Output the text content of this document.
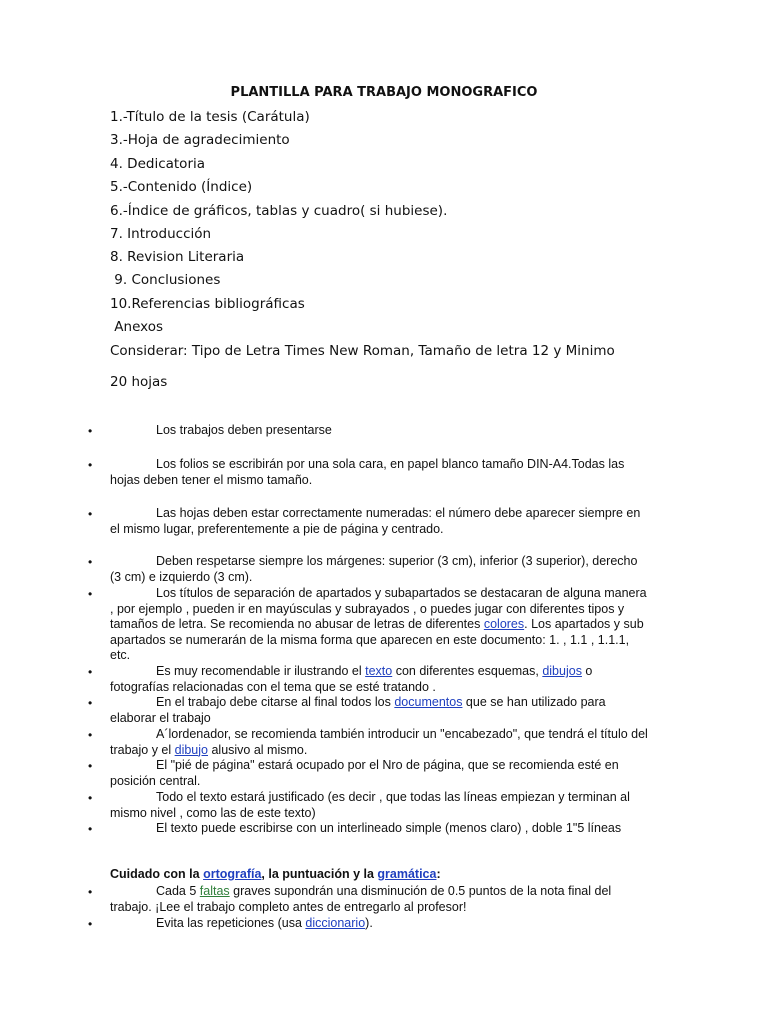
PLANTILLA PARA TRABAJO MONOGRAFICO
1.-Título de la tesis (Carátula)
3.-Hoja de agradecimiento
4. Dedicatoria
5.-Contenido (Índice)
6.-Índice de gráficos, tablas y cuadro( si hubiese).
7. Introducción
8. Revision Literaria
9. Conclusiones
10.Referencias bibliográficas
Anexos
Considerar: Tipo de Letra Times New Roman, Tamaño de letra 12 y Minimo
20 hojas
•	Los trabajos deben presentarse
•	Los folios se escribirán por una sola cara, en papel blanco tamaño DIN-A4.Todas las hojas deben tener el mismo tamaño.
•	Las hojas deben estar correctamente numeradas: el número debe aparecer siempre en el mismo lugar, preferentemente a pie de página y centrado.
•	Deben respetarse siempre los márgenes: superior (3 cm), inferior (3 superior), derecho (3 cm) e izquierdo (3 cm).
•	Los títulos de separación de apartados y subapartados se destacaran de alguna manera , por ejemplo , pueden ir en mayúsculas y subrayados , o puedes jugar con diferentes tipos y tamaños de letra. Se recomienda no abusar de letras de diferentes colores. Los apartados y sub apartados se numerarán de la misma forma que aparecen en este documento: 1. , 1.1 , 1.1.1, etc.
•	Es muy recomendable ir ilustrando el texto con diferentes esquemas, dibujos o fotografías relacionadas con el tema que se esté tratando .
•	En el trabajo debe citarse al final todos los documentos que se han utilizado para elaborar el trabajo
•	A´lordenador, se recomienda también introducir un "encabezado", que tendrá el título del trabajo y el dibujo alusivo al mismo.
•	El "pié de página" estará ocupado por el Nro de página, que se recomienda esté en posición central.
•	Todo el texto estará justificado (es decir , que todas las líneas empiezan y terminan al mismo nivel , como las de este texto)
•	El texto puede escribirse con un interlineado simple (menos claro) , doble 1"5 líneas
Cuidado con la ortografía, la puntuación y la gramática:
•	Cada 5 faltas graves supondrán una disminución de 0.5 puntos de la nota final del trabajo. ¡Lee el trabajo completo antes de entregarlo al profesor!
•	Evita las repeticiones (usa diccionario).
